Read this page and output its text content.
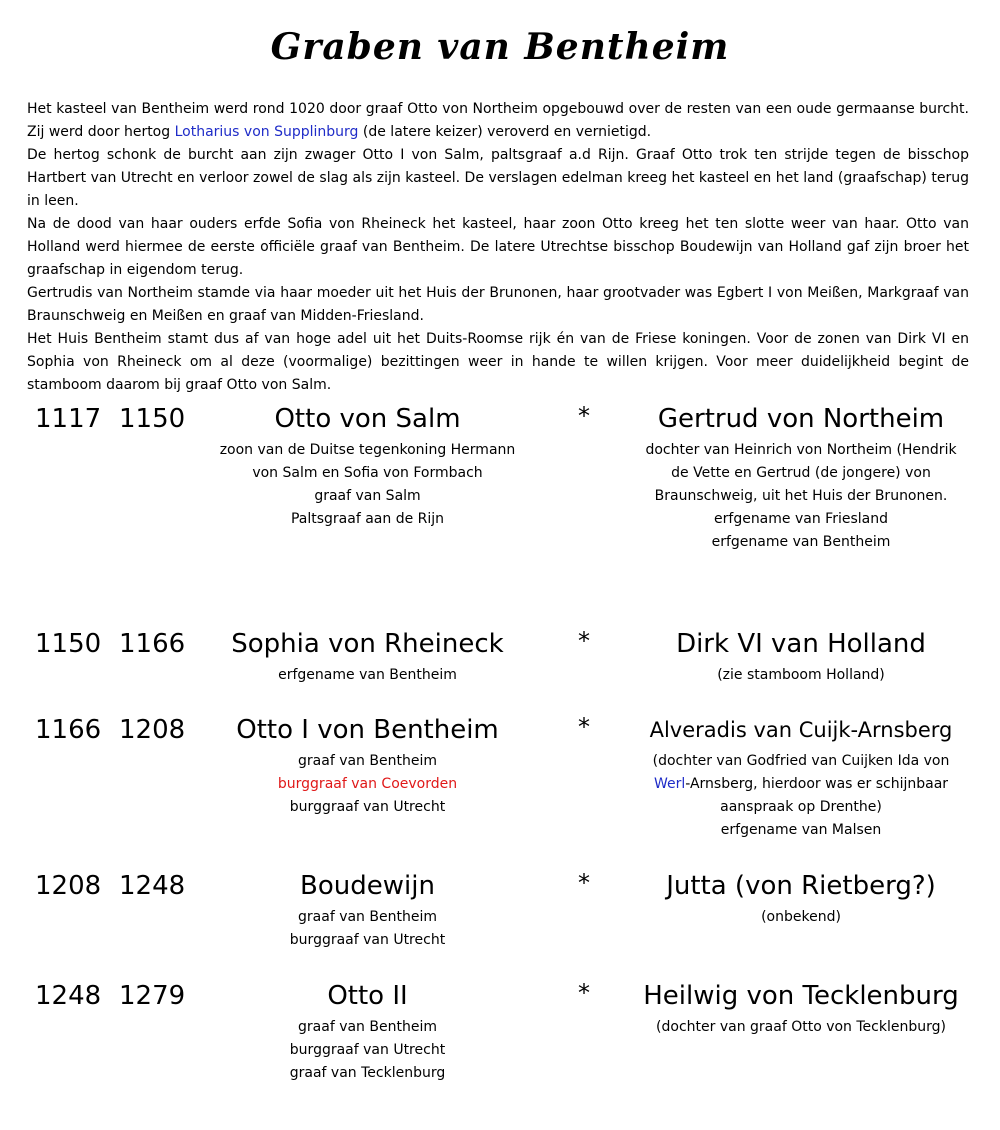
Graben van Bentheim

Het kasteel van Bentheim werd rond 1020 door graaf Otto von Northeim opgebouwd over de resten van een oude germaanse burcht. Zij werd door hertog Lotharius von Supplinburg (de latere keizer) veroverd en vernietigd.

De hertog schonk de burcht aan zijn zwager Otto I von Salm, paltsgraaf a.d Rijn. Graaf Otto trok ten strijde tegen de bisschop Hartbert van Utrecht en verloor zowel de slag als zijn kasteel. De verslagen edelman kreeg het kasteel en het land (graafschap) terug in leen.

Na de dood van haar ouders erfde Sofia von Rheineck het kasteel, haar zoon Otto kreeg het ten slotte weer van haar. Otto van Holland werd hiermee de eerste officiële graaf van Bentheim. De latere Utrechtse bisschop Boudewijn van Holland gaf zijn broer het graafschap in eigendom terug.

Gertrudis van Northeim stamde via haar moeder uit het Huis der Brunonen, haar grootvader was Egbert I von Meißen, Markgraaf van Braunschweig en Meißen en graaf van Midden-Friesland.

Het Huis Bentheim stamt dus af van hoge adel uit het Duits-Roomse rijk én van de Friese koningen. Voor de zonen van Dirk VI en Sophia von Rheineck om al deze (voormalige) bezittingen weer in hande te willen krijgen. Voor meer duidelijkheid begint de stamboom daarom bij graaf Otto von Salm.

1117 1150	Otto von Salm
zoon van de Duitse tegenkoning Hermann
von Salm en Sofia von Formbach
graaf van Salm
Paltsgraaf aan de Rijn
*	Gertrud von Northeim
dochter van Heinrich von Northeim (Hendrik
de Vette en Gertrud (de jongere) von
Braunschweig, uit het Huis der Brunonen.
erfgename van Friesland
erfgename van Bentheim
1150 1166	Sophia von Rheineck
erfgename van Bentheim
*	Dirk VI van Holland
(zie stamboom Holland)
1166 1208	Otto I von Bentheim
graaf van Bentheim
burggraaf van Coevorden
burggraaf van Utrecht
*	Alveradis van Cuijk-Arnsberg
(dochter van Godfried van Cuijken Ida von
Werl-Arnsberg, hierdoor was er schijnbaar
aanspraak op Drenthe)
erfgename van Malsen
1208 1248	Boudewijn
graaf van Bentheim
burggraaf van Utrecht
*	Jutta (von Rietberg?)
(onbekend)
1248 1279	Otto II
graaf van Bentheim
burggraaf van Utrecht
graaf van Tecklenburg
*	Heilwig von Tecklenburg
(dochter van graaf Otto von Tecklenburg)
